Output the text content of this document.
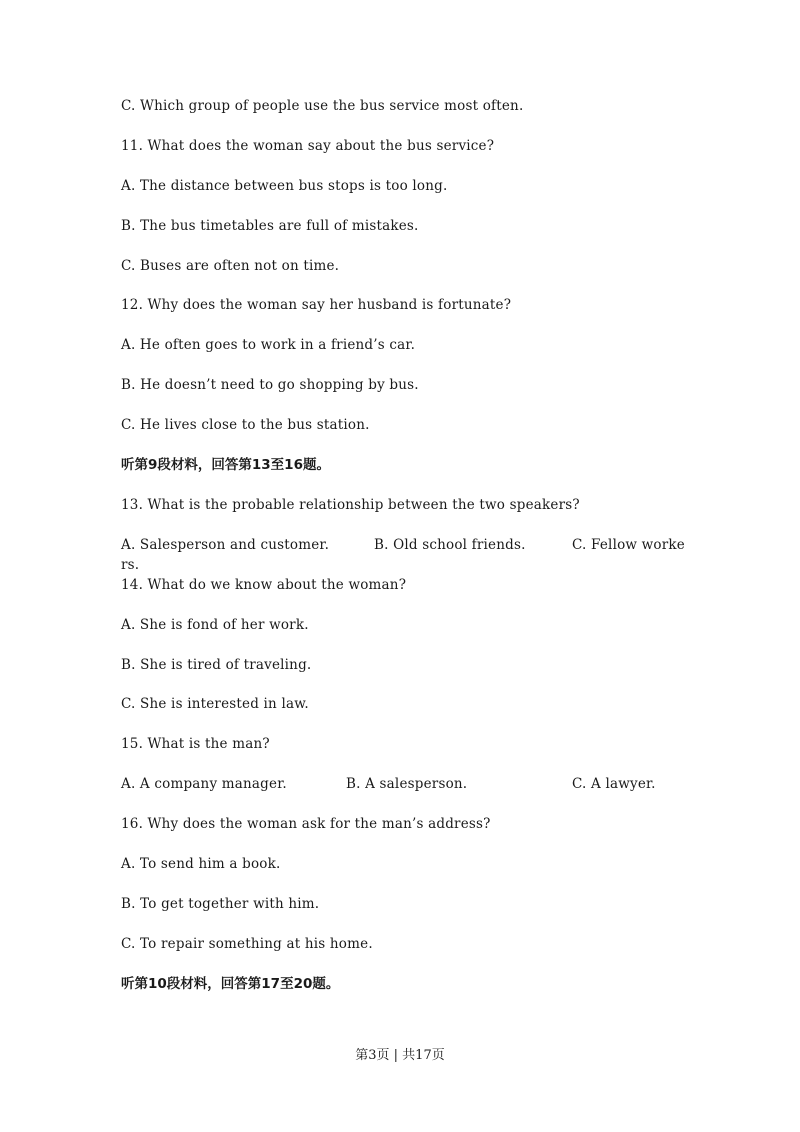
C. Which group of people use the bus service most often.
11. What does the woman say about the bus service?
A. The distance between bus stops is too long.
B. The bus timetables are full of mistakes.
C. Buses are often not on time.
12. Why does the woman say her husband is fortunate?
A. He often goes to work in a friend’s car.
B. He doesn’t need to go shopping by bus.
C. He lives close to the bus station.
听第9段材料，回答第13至16题。
13. What is the probable relationship between the two speakers?
A. Salesperson and customer.	B. Old school friends.	C. Fellow worke
rs.
14. What do we know about the woman?
A. She is fond of her work.
B. She is tired of traveling.
C. She is interested in law.
15. What is the man?
A. A company manager.	B. A salesperson.	C. A lawyer.
16. Why does the woman ask for the man’s address?
A. To send him a book.
B. To get together with him.
C. To repair something at his home.
听第10段材料，回答第17至20题。
第3页 | 共17页
